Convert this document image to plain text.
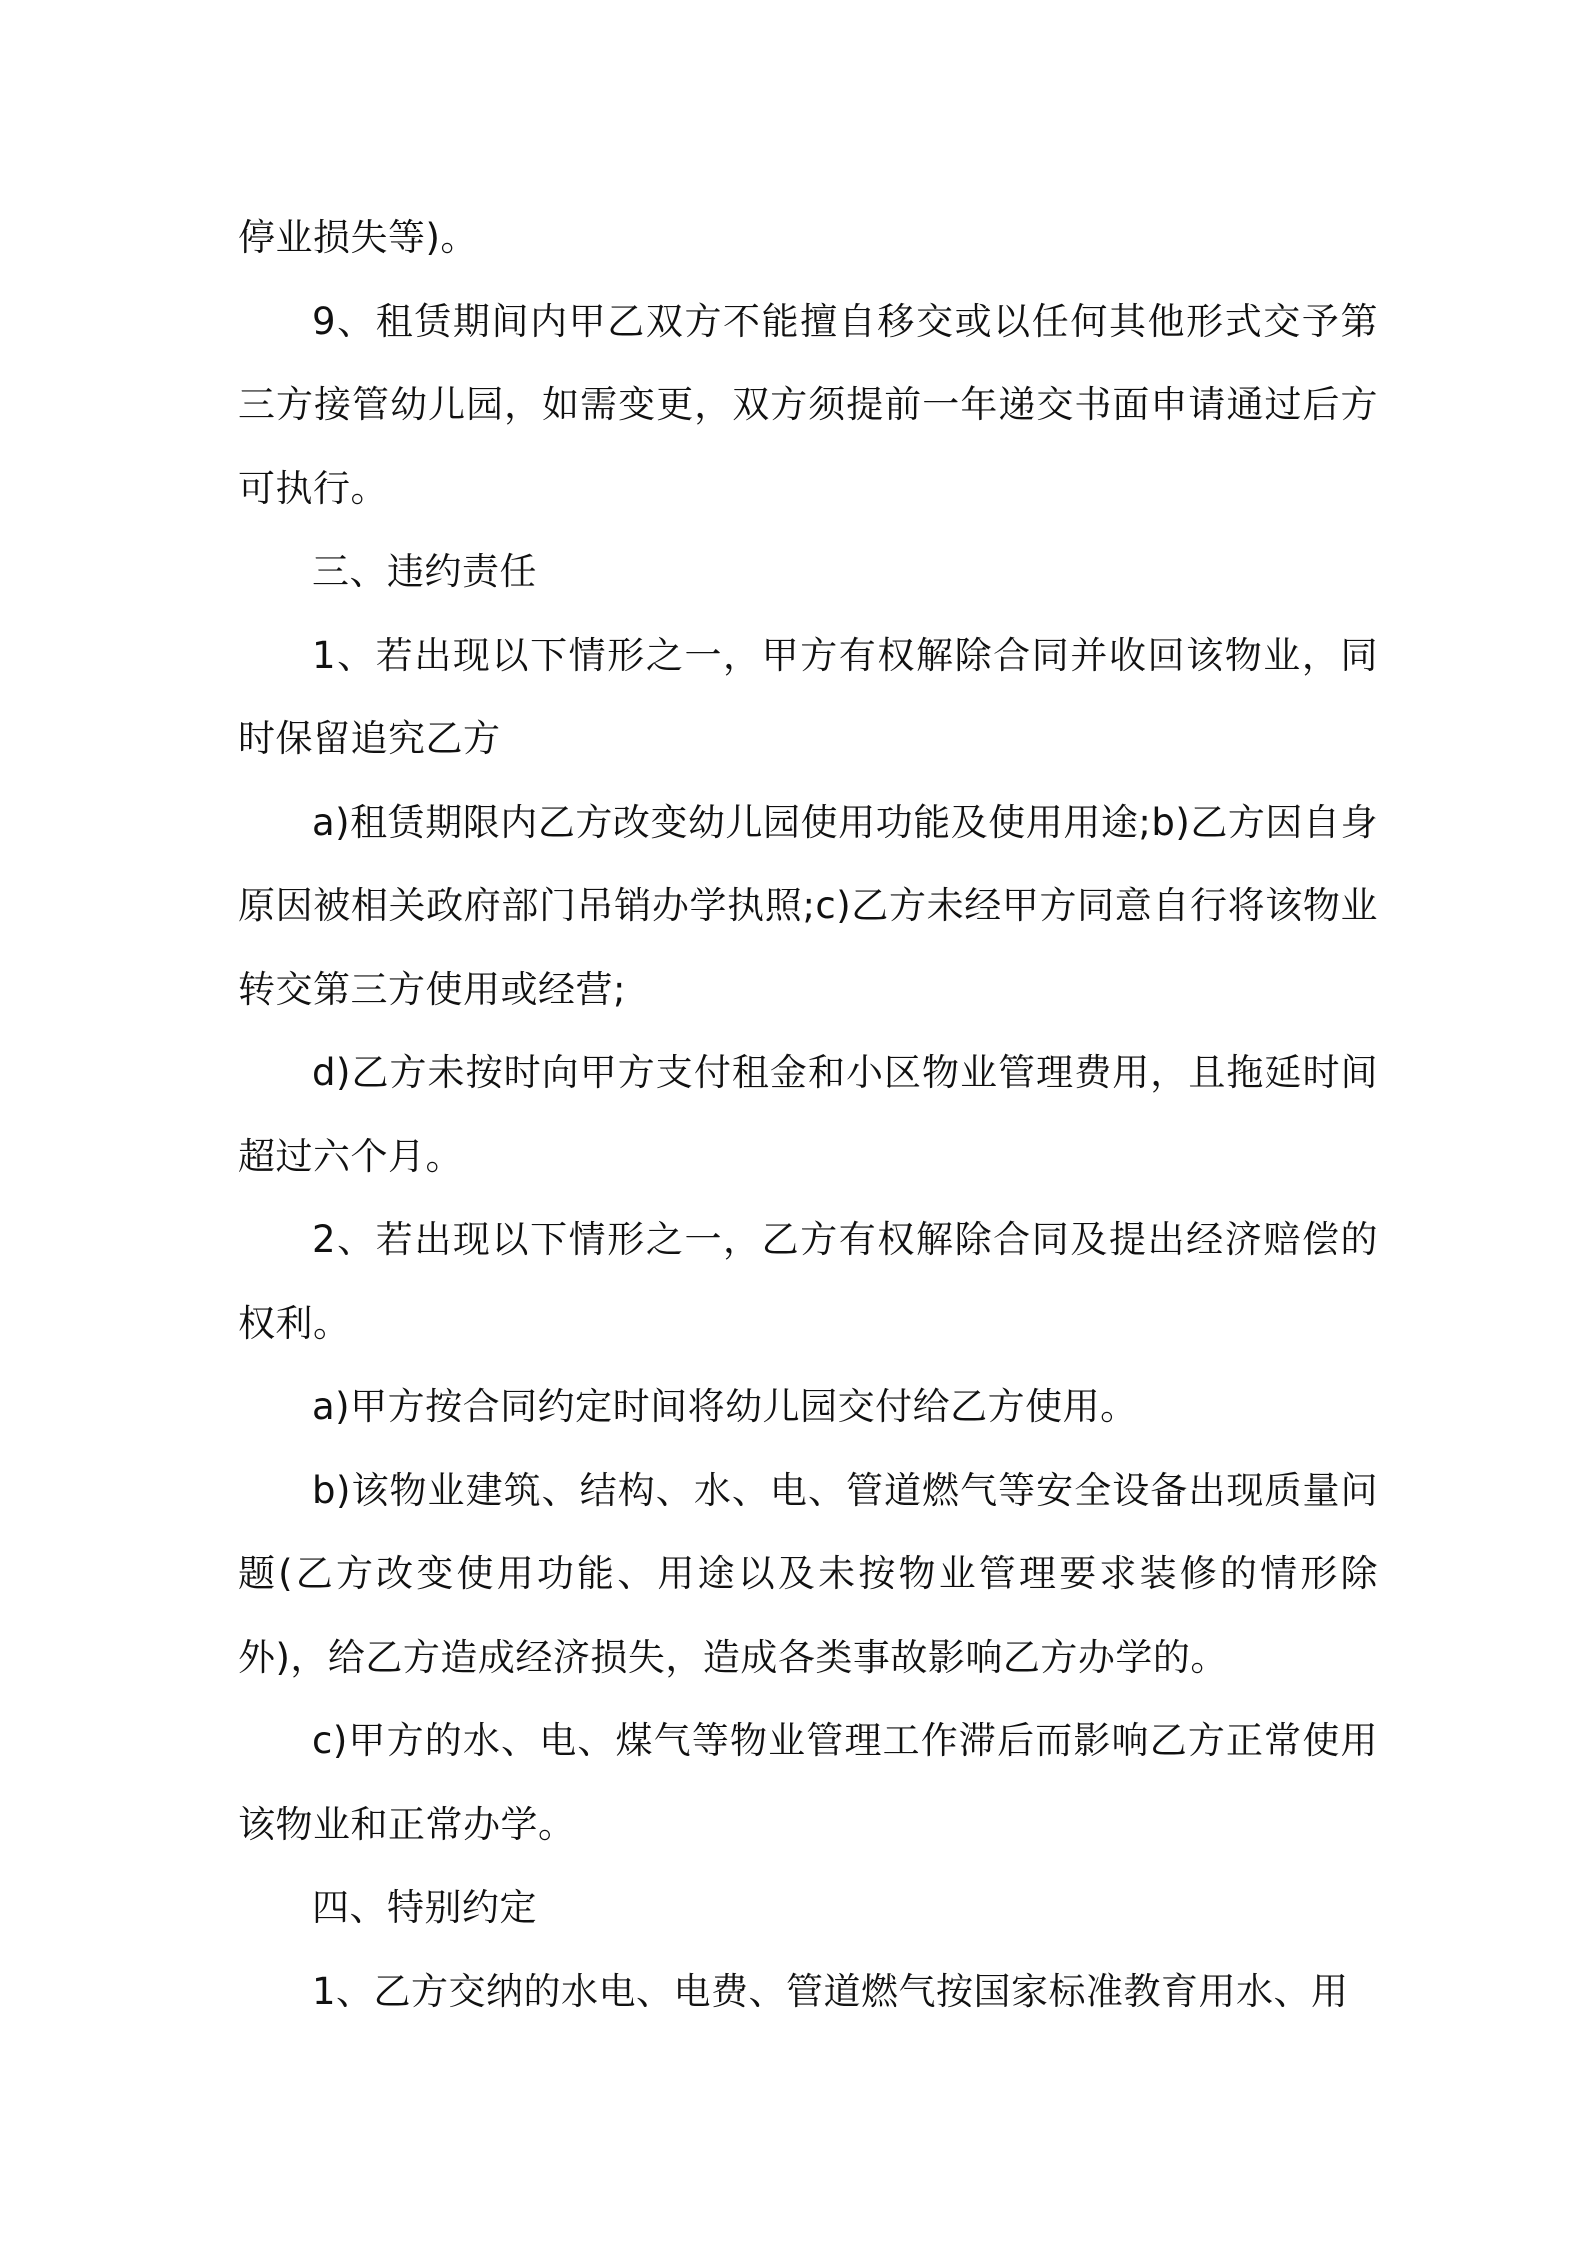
停业损失等)。

9、租赁期间内甲乙双方不能擅自移交或以任何其他形式交予第三方接管幼儿园，如需变更，双方须提前一年递交书面申请通过后方可执行。

三、违约责任

1、若出现以下情形之一，甲方有权解除合同并收回该物业，同时保留追究乙方

a)租赁期限内乙方改变幼儿园使用功能及使用用途;b)乙方因自身原因被相关政府部门吊销办学执照;c)乙方未经甲方同意自行将该物业转交第三方使用或经营;

d)乙方未按时向甲方支付租金和小区物业管理费用，且拖延时间超过六个月。

2、若出现以下情形之一，乙方有权解除合同及提出经济赔偿的权利。

a)甲方按合同约定时间将幼儿园交付给乙方使用。

b)该物业建筑、结构、水、电、管道燃气等安全设备出现质量问题(乙方改变使用功能、用途以及未按物业管理要求装修的情形除外)，给乙方造成经济损失，造成各类事故影响乙方办学的。

c)甲方的水、电、煤气等物业管理工作滞后而影响乙方正常使用该物业和正常办学。

四、特别约定

1、乙方交纳的水电、电费、管道燃气按国家标准教育用水、用
